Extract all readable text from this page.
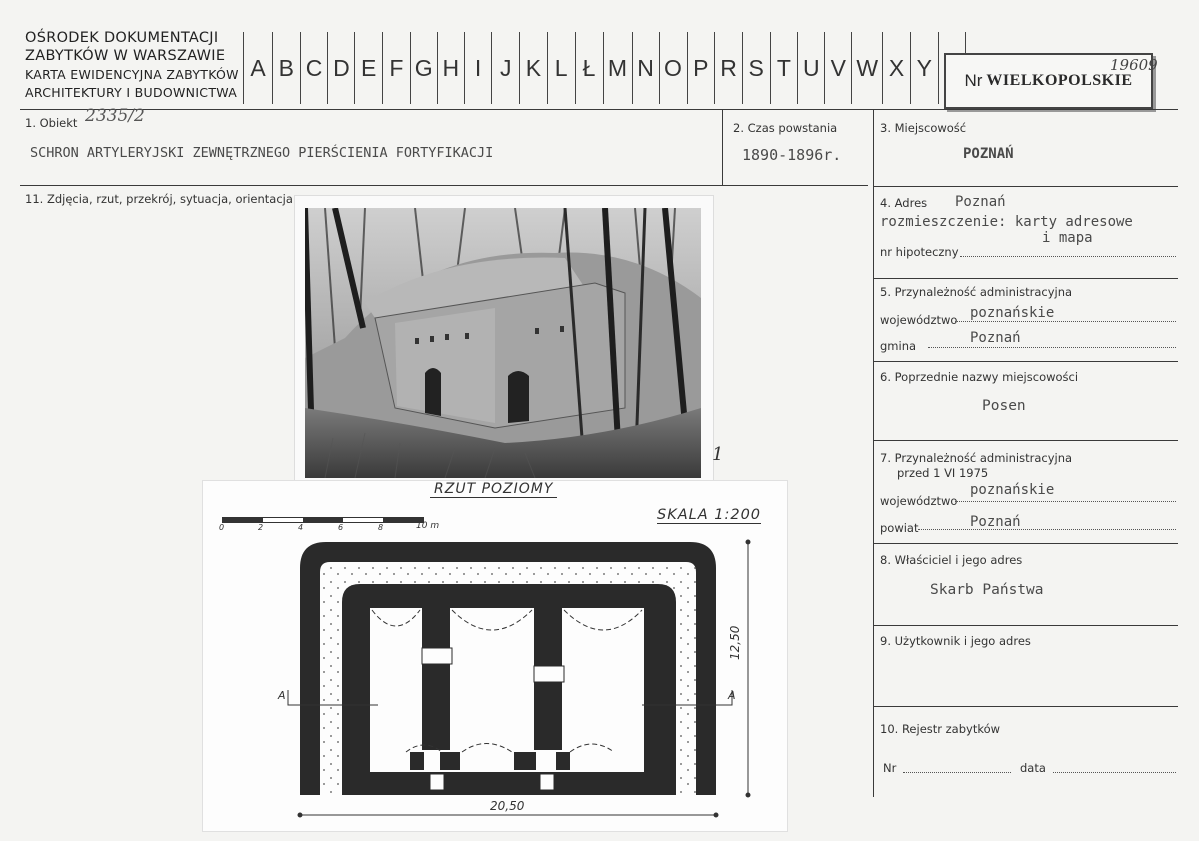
OŚRODEK DOKUMENTACJI
ZABYTKÓW W WARSZAWIE
KARTA EWIDENCYJNA ZABYTKÓW
ARCHITEKTURY I BUDOWNICTWA
A B C D E F G H I J K L Ł M N O P R S T U V W X Y	Nr WIELKOPOLSKIE
19609
1. Obiekt 2335/2
SCHRON ARTYLERYJSKI ZEWNĘTRZNEGO PIERŚCIENIA FORTYFIKACJI
2. Czas powstania
1890-1896r.
3. Miejscowość
POZNAŃ
4. Adres Poznań
rozmieszczenie: karty adresowe
i mapa
nr hipoteczny
5. Przynależność administracyjna
województwo poznańskie
gmina	Poznań
6. Poprzednie nazwy miejscowości
Posen
7. Przynależność administracyjna
przed 1 VI 1975
województwo
poznańskie
powiat	Poznań
8. Właściciel i jego adres
Skarb Państwa
9. Użytkownik i jego adres
10. Rejestr zabytków
Nr	data
11. Zdjęcia, rzut, przekrój, sytuacja, orientacja
1
RZUT POZIOMY
SKALA 1:200
0	2	4	6	8	10 m
A	A
20,50
12,50
